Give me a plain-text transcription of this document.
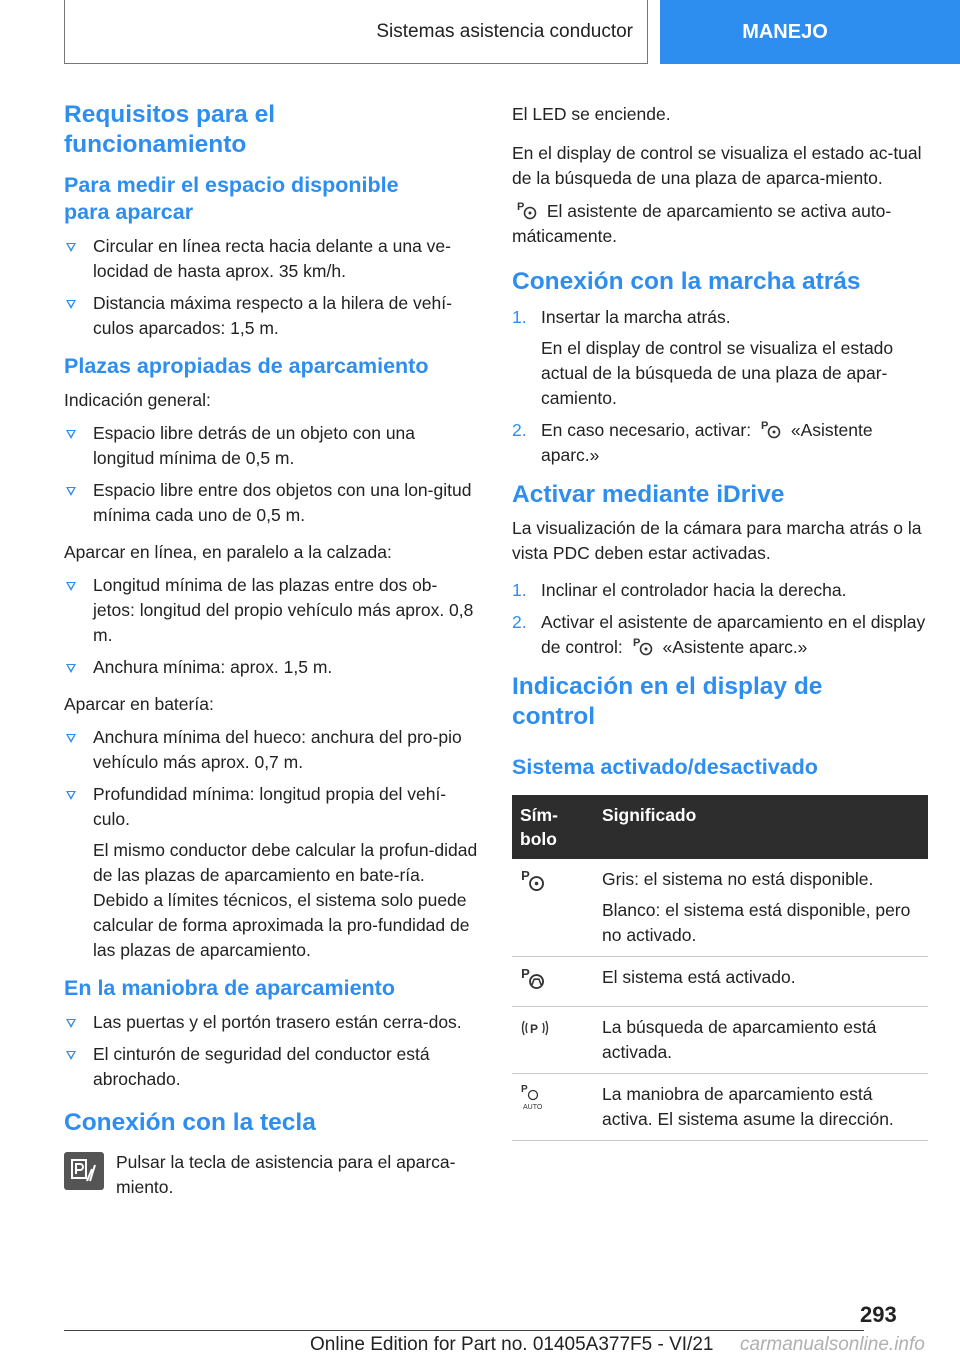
Sistemas asistencia conductor	MANEJO
Requisitos para el funcionamiento
Para medir el espacio disponible para aparcar
Circular en línea recta hacia delante a una ve-locidad de hasta aprox. 35 km/h.
Distancia máxima respecto a la hilera de vehí-culos aparcados: 1,5 m.
Plazas apropiadas de aparcamiento

Indicación general:

Espacio libre detrás de un objeto con una longitud mínima de 0,5 m.
Espacio libre entre dos objetos con una lon-gitud mínima cada uno de 0,5 m.

Aparcar en línea, en paralelo a la calzada:

Longitud mínima de las plazas entre dos ob-jetos: longitud del propio vehículo más aprox. 0,8 m.
Anchura mínima: aprox. 1,5 m.

Aparcar en batería:

Anchura mínima del hueco: anchura del pro-pio vehículo más aprox. 0,7 m.
Profundidad mínima: longitud propia del vehí-culo.
El mismo conductor debe calcular la profun-didad de las plazas de aparcamiento en bate-ría. Debido a límites técnicos, el sistema solo puede calcular de forma aproximada la pro-fundidad de las plazas de aparcamiento.
En la maniobra de aparcamiento
Las puertas y el portón trasero están cerra-dos.
El cinturón de seguridad del conductor está abrochado.
Conexión con la tecla

Pulsar la tecla de asistencia para el aparca-miento.

El LED se enciende.

En el display de control se visualiza el estado ac-tual de la búsqueda de una plaza de aparca-miento.

P El asistente de aparcamiento se activa auto-máticamente.

Conexión con la marcha atrás
1. Insertar la marcha atrás.
En el display de control se visualiza el estado actual de la búsqueda de una plaza de apar-camiento.
2. En caso necesario, activar: P «Asistente aparc.»
Activar mediante iDrive

La visualización de la cámara para marcha atrás o la vista PDC deben estar activadas.

1. Inclinar el controlador hacia la derecha.
2. Activar el asistente de aparcamiento en el display de control: P «Asistente aparc.»
Indicación en el display de control
Sistema activado/desactivado
Sím-bolo	Significado

P	Gris: el sistema no está disponible.

Blanco: el sistema está disponible, pero no activado.

P	El sistema está activado.

P	La búsqueda de aparcamiento está activada.

P
AUTO	La maniobra de aparcamiento está activa. El sistema asume la dirección.

293
Online Edition for Part no. 01405A377F5 - VI/21 carmanualsonline.info
